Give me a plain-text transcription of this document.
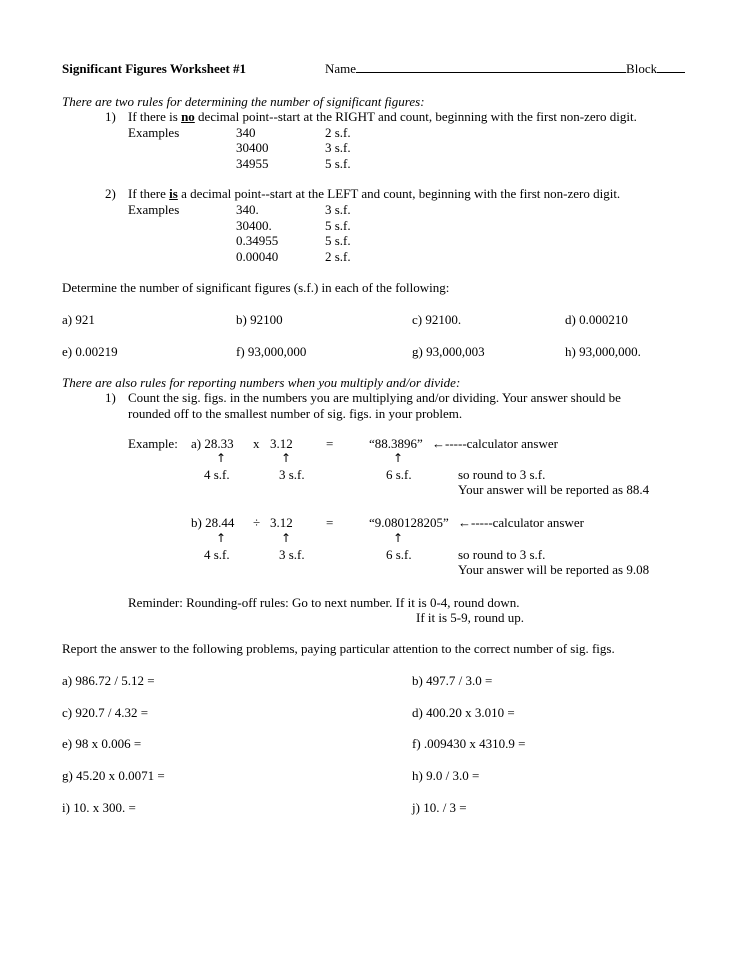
Significant Figures Worksheet #1	Name	Block
There are two rules for determining the number of significant figures:
1) If there is no decimal point--start at the RIGHT and count, beginning with the first non-zero digit.
Examples	340	2 s.f.
30400	3 s.f.
34955	5 s.f.
2) If there is a decimal point--start at the LEFT and count, beginning with the first non-zero digit.
Examples	340.	3 s.f.
30400.	5 s.f.
0.34955	5 s.f.
0.00040	2 s.f.
Determine the number of significant figures (s.f.) in each of the following:
a) 921	b) 92100	c) 92100.	d) 0.000210
e) 0.00219	f) 93,000,000	g) 93,000,003	h) 93,000,000.
There are also rules for reporting numbers when you multiply and/or divide:
1) Count the sig. figs. in the numbers you are multiplying and/or dividing. Your answer should be
rounded off to the smallest number of sig. figs. in your problem.
Example: a) 28.33 x 3.12	=	“88.3896” ←-----calculator answer
↑	↑	↑
4 s.f.	3 s.f.	6 s.f.	so round to 3 s.f.
Your answer will be reported as 88.4
b) 28.44 ÷ 3.12	=	“9.080128205” ←-----calculator answer
↑	↑	↑
4 s.f.	3 s.f.	6 s.f.	so round to 3 s.f.
Your answer will be reported as 9.08
Reminder: Rounding-off rules: Go to next number. If it is 0-4, round down.
If it is 5-9, round up.
Report the answer to the following problems, paying particular attention to the correct number of sig. figs.
a) 986.72 / 5.12 =	b) 497.7 / 3.0 =
c) 920.7 / 4.32 =	d) 400.20 x 3.010 =
e) 98 x 0.006 =	f) .009430 x 4310.9 =
g) 45.20 x 0.0071 =	h) 9.0 / 3.0 =
i) 10. x 300. =	j) 10. / 3 =
